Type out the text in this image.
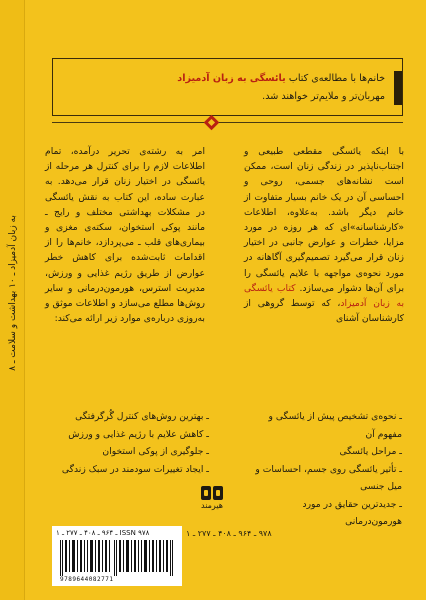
به زبان آدمیزاد ـ ۱۰ بهداشت و سلامت ـ ۸
خانم‌ها با مطالعه‌ی کتاب یائسگی به زبان آدمیزاد
مهربان‌تر و ملایم‌تر خواهند شد.
با اینکه یائسگی مقطعی طبیعی و اجتناب‌ناپذیر در زندگی زنان است، ممکن است نشانه‌های جسمی، روحی و احساسی آن در یک خانم بسیار متفاوت از خانم دیگر باشد. به‌علاوه، اطلاعات «کارشناسانه»ای که هر روزه در مورد مزایا، خطرات و عوارض جانبی در اختیار زنان قرار می‌گیرد تصمیم‌گیری آگاهانه در مورد نحوه‌ی مواجهه با علایم یائسگی را برای آن‌ها دشوار می‌سازد. کتاب یائسگی به زبان آدمیزاد، که توسط گروهی از کارشناسان آشنای
امر به رشته‌ی تحریر درآمده، تمام اطلاعات لازم را برای کنترل هر مرحله از یائسگی در اختیار زنان قرار می‌دهد. به عبارت ساده، این کتاب به نقش یائسگی در مشکلات بهداشتی مختلف و رایج ـ مانند پوکی استخوان، سکته‌ی مغزی و بیماری‌های قلب ـ می‌پردازد، خانم‌ها را از اقدامات ثابت‌شده برای کاهش خطر عوارض از طریق رژیم غذایی و ورزش، مدیریت استرس، هورمون‌درمانی و سایر روش‌ها مطلع می‌سازد و اطلاعات موثق و به‌روزی درباره‌ی موارد زیر ارائه می‌کند:
ـ نحوه‌ی تشخیص پیش از یائسگی و مفهوم آن
ـ مراحل یائسگی
ـ تأثیر یائسگی روی جسم، احساسات و میل جنسی
ـ جدیدترین حقایق در مورد هورمون‌درمانی
ـ بهترین روش‌های کنترل گُرگرفتگی
ـ کاهش علایم با رژیم غذایی و ورزش
ـ جلوگیری از پوکی استخوان
ـ ایجاد تغییرات سودمند در سبک زندگی
هیرمند
ISSN ۹۷۸ ـ ۹۶۴ ـ ۴۰۸ ـ ۲۷۷ ـ ۱
9789644082771
۹۷۸ ـ ۹۶۴ ـ ۴۰۸ ـ ۲۷۷ ـ ۱
